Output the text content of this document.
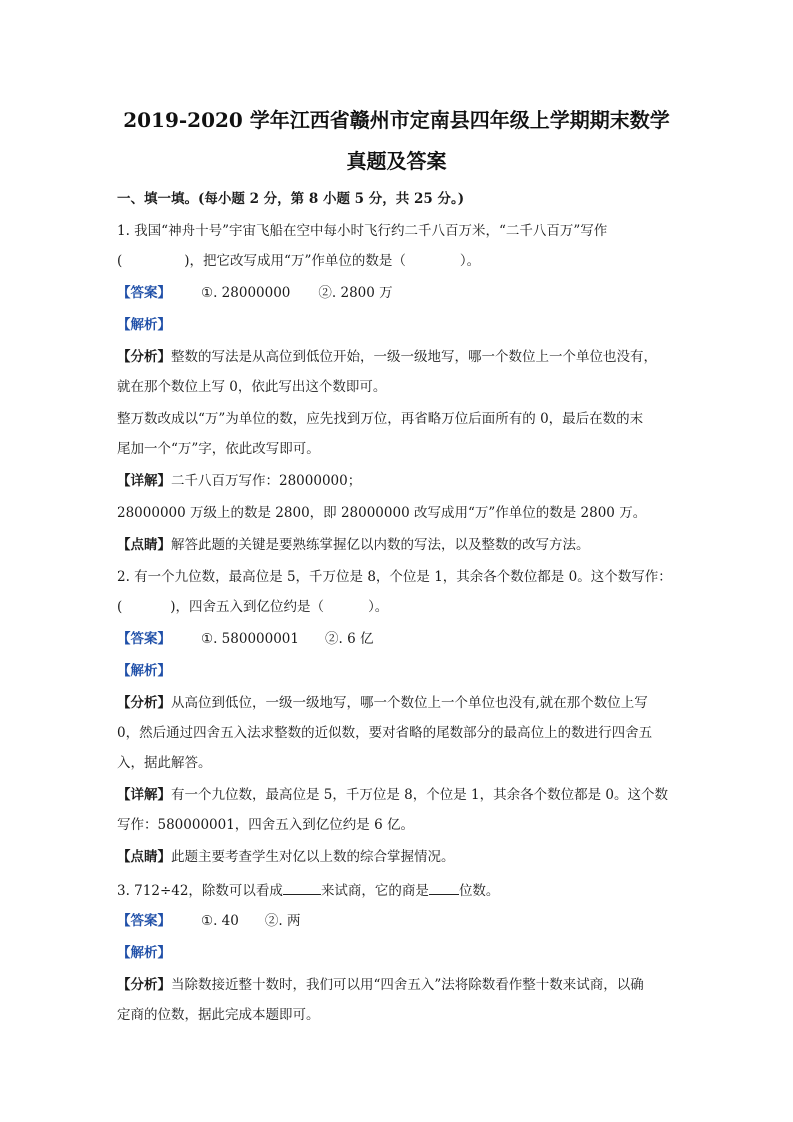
2019-2020 学年江西省赣州市定南县四年级上学期期末数学
真题及答案
一、填一填。(每小题 2 分，第 8 小题 5 分，共 25 分。)
1. 我国“神舟十号”宇宙飞船在空中每小时飞行约二千八百万米，“二千八百万”写作
(	)，把它改写成用“万”作单位的数是（	）。
【答案】 ①. 28000000 ②. 2800 万
【解析】
【分析】整数的写法是从高位到低位开始，一级一级地写，哪一个数位上一个单位也没有，
就在那个数位上写 0，依此写出这个数即可。
整万数改成以“万”为单位的数，应先找到万位，再省略万位后面所有的 0，最后在数的末
尾加一个“万”字，依此改写即可。
【详解】二千八百万写作：28000000；
28000000 万级上的数是 2800，即 28000000 改写成用“万”作单位的数是 2800 万。
【点睛】解答此题的关键是要熟练掌握亿以内数的写法，以及整数的改写方法。
2. 有一个九位数，最高位是 5，千万位是 8，个位是 1，其余各个数位都是 0。这个数写作：
(	)，四舍五入到亿位约是（	）。
【答案】 ①. 580000001 ②. 6 亿
【解析】
【分析】从高位到低位，一级一级地写，哪一个数位上一个单位也没有,就在那个数位上写
0，然后通过四舍五入法求整数的近似数，要对省略的尾数部分的最高位上的数进行四舍五
入，据此解答。
【详解】有一个九位数，最高位是 5，千万位是 8，个位是 1，其余各个数位都是 0。这个数
写作：580000001，四舍五入到亿位约是 6 亿。
【点睛】此题主要考查学生对亿以上数的综合掌握情况。
3. 712÷42，除数可以看成	来试商，它的商是 位数。
【答案】 ①. 40 ②. 两
【解析】
【分析】当除数接近整十数时，我们可以用“四舍五入”法将除数看作整十数来试商，以确
定商的位数，据此完成本题即可。
